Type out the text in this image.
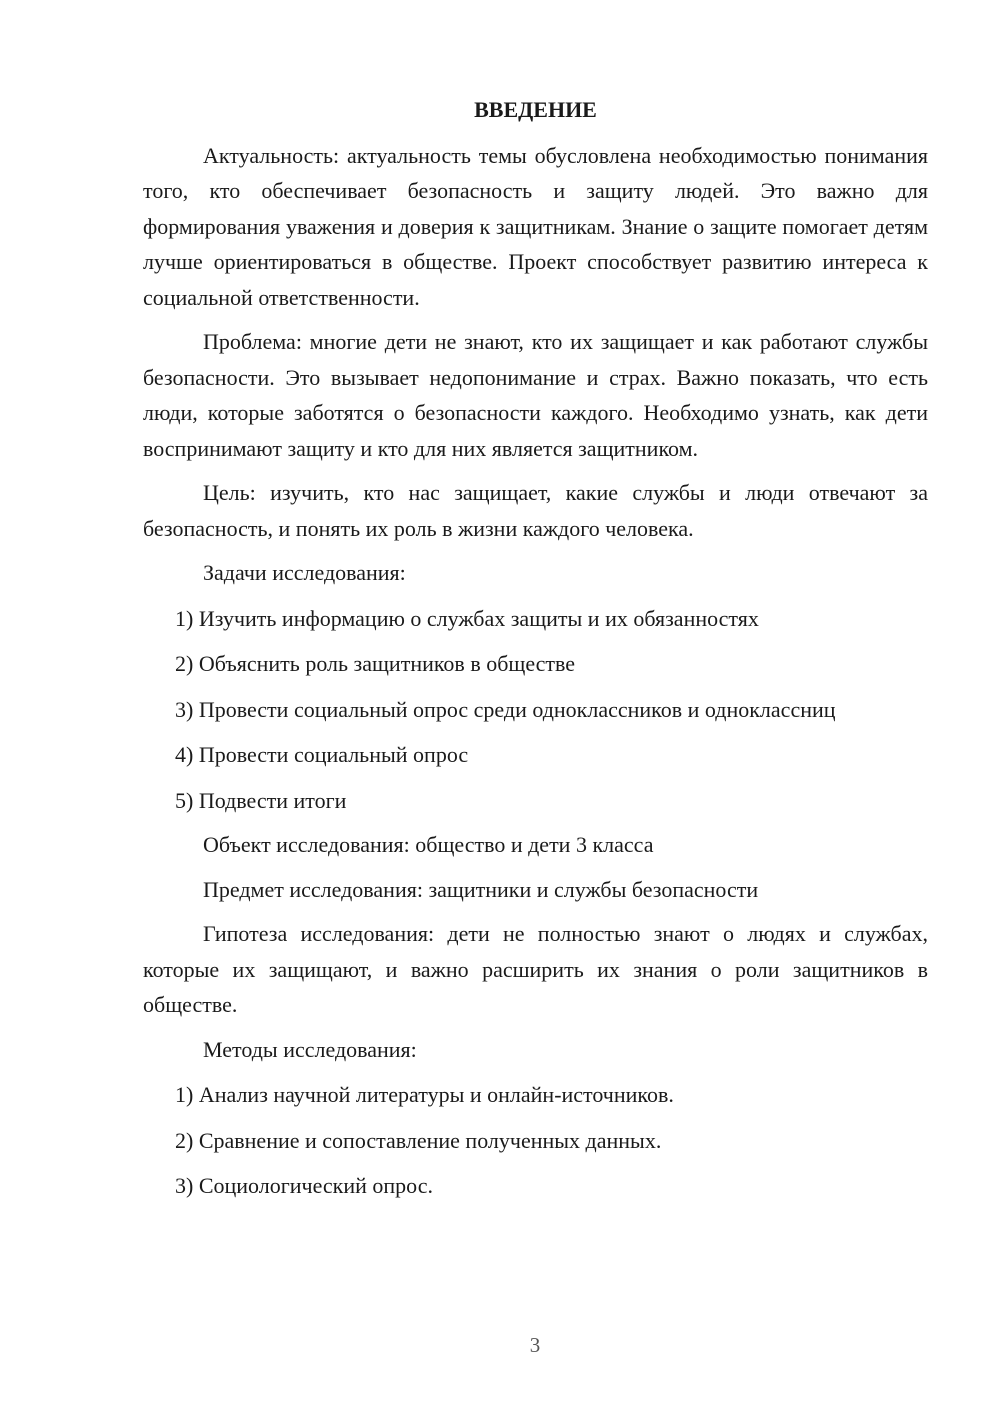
ВВЕДЕНИЕ

Актуальность: актуальность темы обусловлена необходимостью понимания того, кто обеспечивает безопасность и защиту людей. Это важно для формирования уважения и доверия к защитникам. Знание о защите помогает детям лучше ориентироваться в обществе. Проект способствует развитию интереса к социальной ответственности.

Проблема: многие дети не знают, кто их защищает и как работают службы безопасности. Это вызывает недопонимание и страх. Важно показать, что есть люди, которые заботятся о безопасности каждого. Необходимо узнать, как дети воспринимают защиту и кто для них является защитником.

Цель: изучить, кто нас защищает, какие службы и люди отвечают за безопасность, и понять их роль в жизни каждого человека.

Задачи исследования:

1) Изучить информацию о службах защиты и их обязанностях

2) Объяснить роль защитников в обществе

3) Провести социальный опрос среди одноклассников и одноклассниц

4) Провести социальный опрос

5) Подвести итоги

Объект исследования: общество и дети 3 класса

Предмет исследования: защитники и службы безопасности

Гипотеза исследования: дети не полностью знают о людях и службах, которые их защищают, и важно расширить их знания о роли защитников в обществе.

Методы исследования:

1) Анализ научной литературы и онлайн-источников.

2) Сравнение и сопоставление полученных данных.

3) Социологический опрос.

3
